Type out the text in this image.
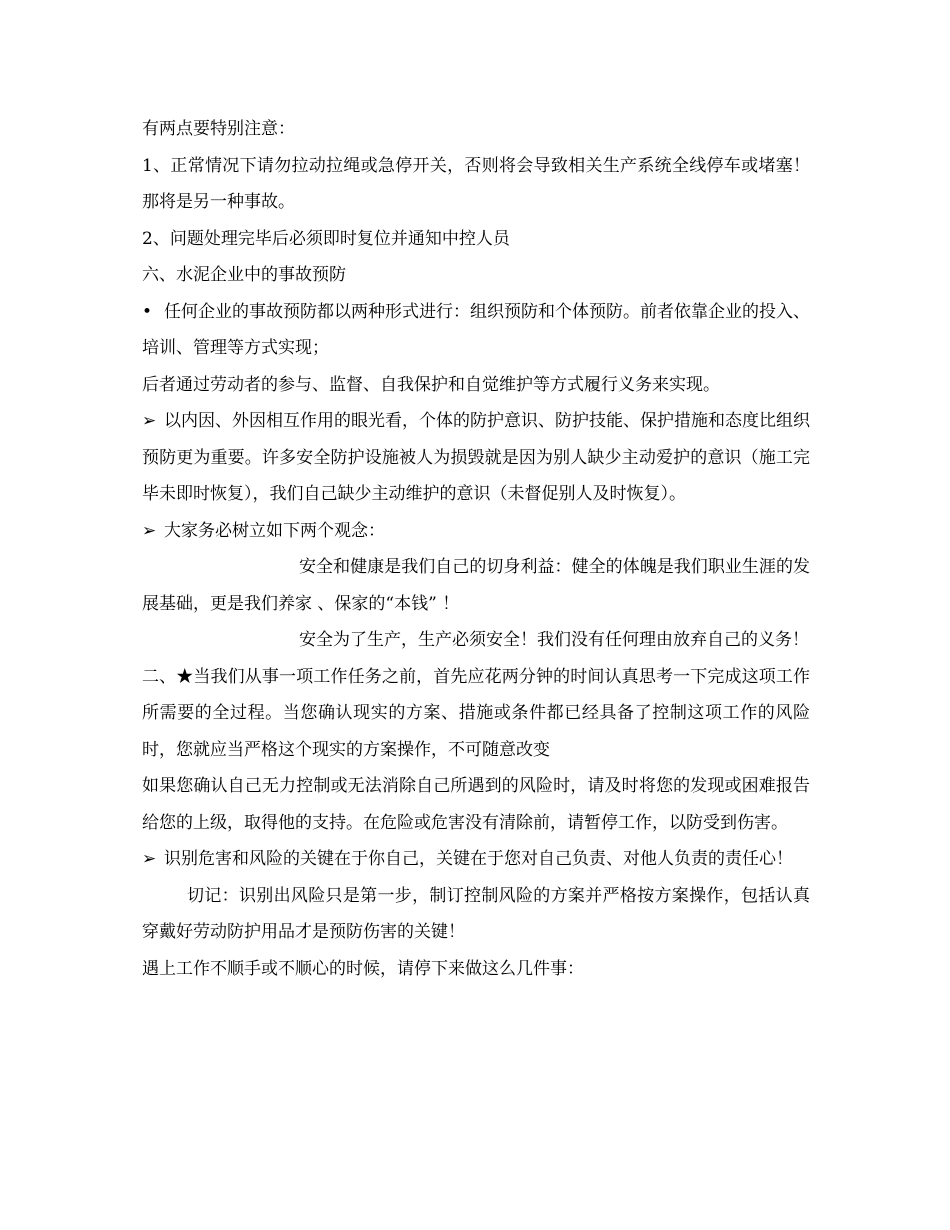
有两点要特别注意：

1、正常情况下请勿拉动拉绳或急停开关，否则将会导致相关生产系统全线停车或堵塞！那将是另一种事故。

2、问题处理完毕后必须即时复位并通知中控人员

六、水泥企业中的事故预防

• 任何企业的事故预防都以两种形式进行：组织预防和个体预防。前者依靠企业的投入、培训、管理等方式实现；

后者通过劳动者的参与、监督、自我保护和自觉维护等方式履行义务来实现。

➢ 以内因、外因相互作用的眼光看，个体的防护意识、防护技能、保护措施和态度比组织预防更为重要。许多安全防护设施被人为损毁就是因为别人缺少主动爱护的意识（施工完毕未即时恢复），我们自己缺少主动维护的意识（未督促别人及时恢复）。

➢ 大家务必树立如下两个观念：

安全和健康是我们自己的切身利益：健全的体魄是我们职业生涯的发展基础，更是我们养家 、保家的“本钱” ！

安全为了生产，生产必须安全！我们没有任何理由放弃自己的义务！

二、★当我们从事一项工作任务之前，首先应花两分钟的时间认真思考一下完成这项工作所需要的全过程。当您确认现实的方案、措施或条件都已经具备了控制这项工作的风险时，您就应当严格这个现实的方案操作，不可随意改变

如果您确认自己无力控制或无法消除自己所遇到的风险时，请及时将您的发现或困难报告给您的上级，取得他的支持。在危险或危害没有清除前，请暂停工作，以防受到伤害。

➢ 识别危害和风险的关键在于你自己，关键在于您对自己负责、对他人负责的责任心！

切记：识别出风险只是第一步，制订控制风险的方案并严格按方案操作，包括认真穿戴好劳动防护用品才是预防伤害的关键！

遇上工作不顺手或不顺心的时候，请停下来做这么几件事：
